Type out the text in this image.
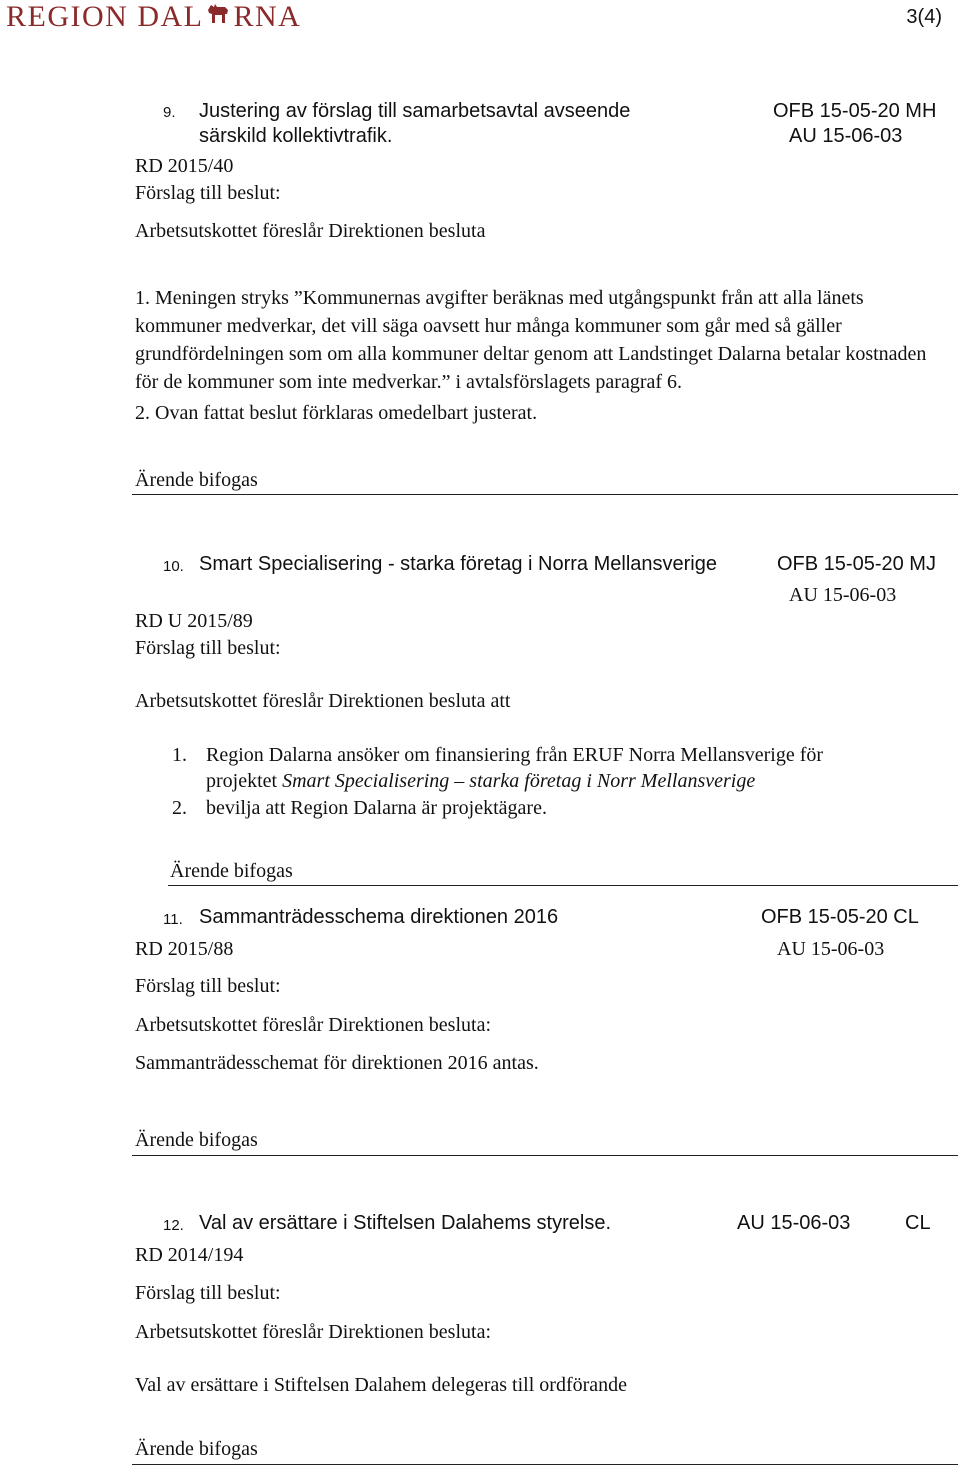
REGION DAL RNA	3(4)
9. Justering av förslag till samarbetsavtal avseende
särskild kollektivtrafik.
OFB 15-05-20 MH
AU 15-06-03
RD 2015/40
Förslag till beslut:
Arbetsutskottet föreslår Direktionen besluta
1. Meningen stryks ”Kommunernas avgifter beräknas med utgångspunkt från att alla länets kommuner medverkar, det vill säga oavsett hur många kommuner som går med så gäller grundfördelningen som om alla kommuner deltar genom att Landstinget Dalarna betalar kostnaden för de kommuner som inte medverkar.” i avtalsförslagets paragraf 6.
2. Ovan fattat beslut förklaras omedelbart justerat.
Ärende bifogas
10. Smart Specialisering - starka företag i Norra Mellansverige	OFB 15-05-20 MJ
AU 15-06-03
RD U 2015/89
Förslag till beslut:
Arbetsutskottet föreslår Direktionen besluta att
1. Region Dalarna ansöker om finansiering från ERUF Norra Mellansverige för
projektet Smart Specialisering – starka företag i Norr Mellansverige
2. bevilja att Region Dalarna är projektägare.
Ärende bifogas
11. Sammanträdesschema direktionen 2016	OFB 15-05-20 CL
RD 2015/88	AU 15-06-03
Förslag till beslut:
Arbetsutskottet föreslår Direktionen besluta:
Sammanträdesschemat för direktionen 2016 antas.
Ärende bifogas
12. Val av ersättare i Stiftelsen Dalahems styrelse.	AU 15-06-03	CL
RD 2014/194
Förslag till beslut:
Arbetsutskottet föreslår Direktionen besluta:
Val av ersättare i Stiftelsen Dalahem delegeras till ordförande
Ärende bifogas
